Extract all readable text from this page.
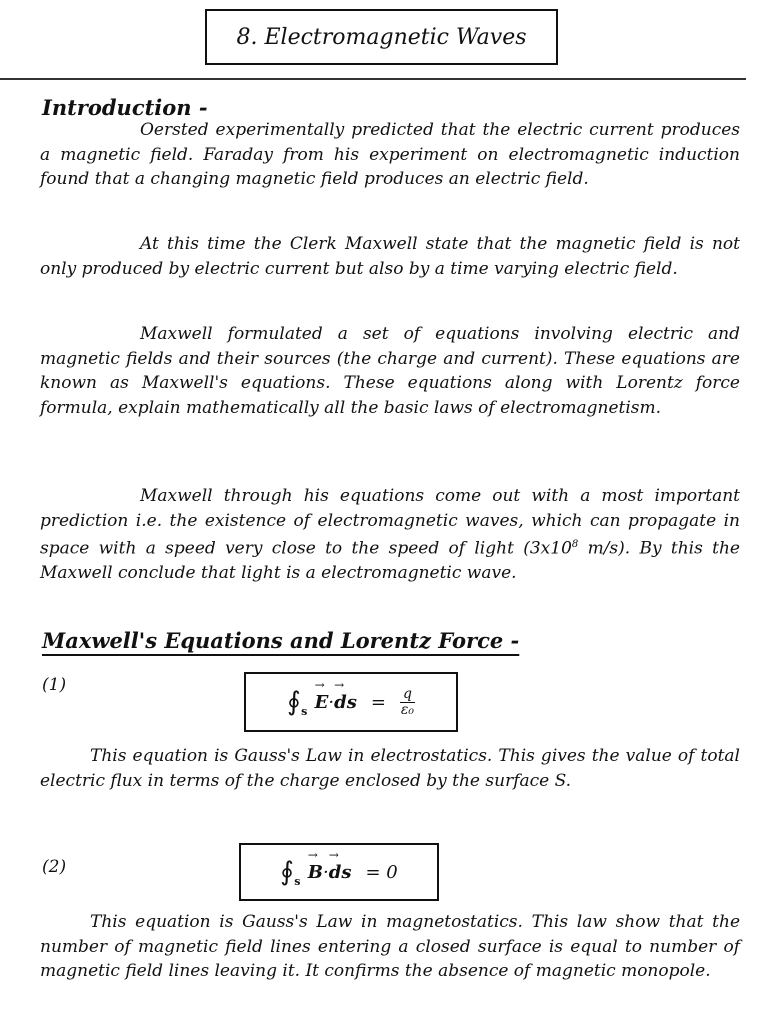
8. Electromagnetic Waves
Introduction -
Oersted experimentally predicted that the electric current produces a magnetic field. Faraday from his experiment on electromagnetic induction found that a changing magnetic field produces an electric field.
At this time the Clerk Maxwell state that the magnetic field is not only produced by electric current but also by a time varying electric field.
Maxwell formulated a set of equations involving electric and magnetic fields and their sources (the charge and current). These equations are known as Maxwell's equations. These equations along with Lorentz force formula, explain mathematically all the basic laws of electromagnetism.
Maxwell through his equations come out with a most important prediction i.e. the existence of electromagnetic waves, which can propagate in space with a speed very close to the speed of light ($3x10^8$ m/s). By this the Maxwell conclude that light is a electromagnetic wave.
Maxwell's Equations and Lorentz Force -
(1)
∮ s → E·→ ds = $\frac{q}{\text{ε₀}}$
This equation is Gauss's Law in electrostatics. This gives the value of total electric flux in terms of the charge enclosed by the surface S.
(2)	∮ s → B·→ ds = 0
This equation is Gauss's Law in magnetostatics. This law show that the number of magnetic field lines entering a closed surface is equal to number of magnetic field lines leaving it. It confirms the absence of magnetic monopole.
